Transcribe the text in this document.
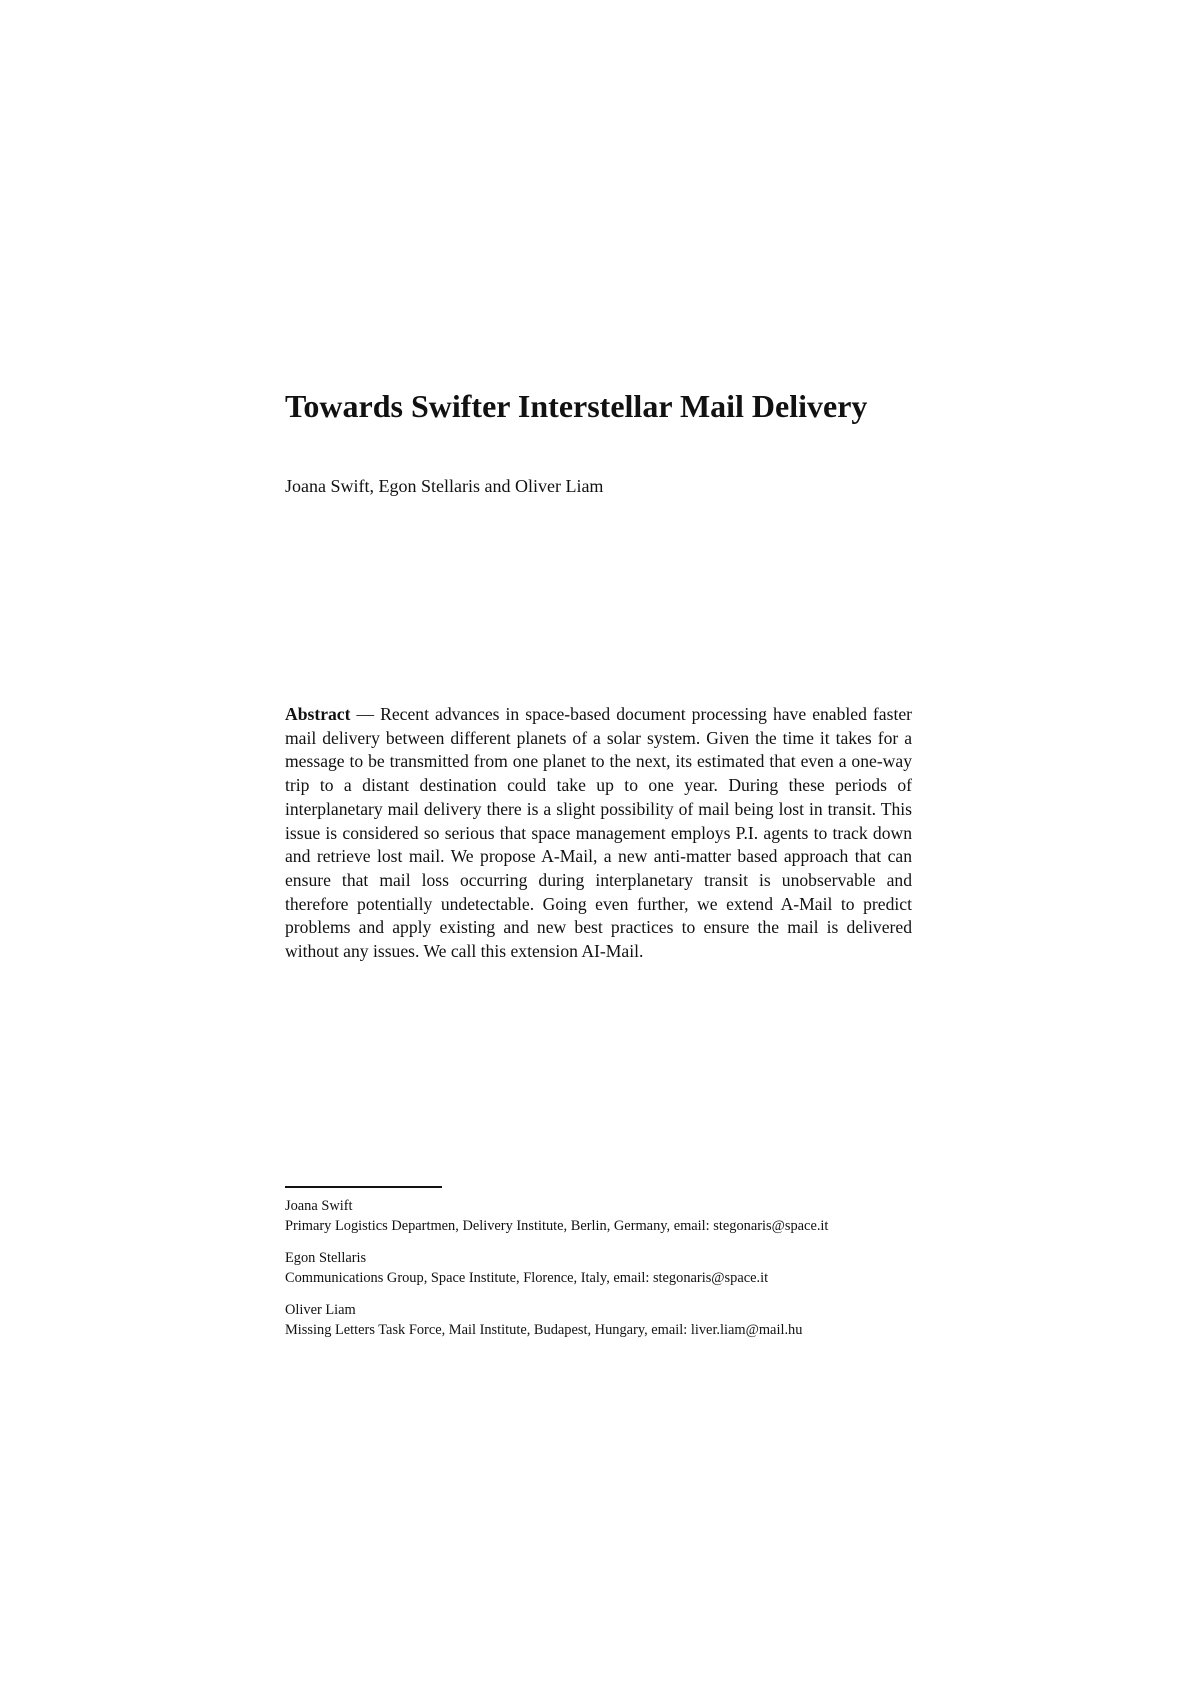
Towards Swifter Interstellar Mail Delivery

Joana Swift, Egon Stellaris and Oliver Liam

Abstract — Recent advances in space-based document processing have enabled faster mail delivery between different planets of a solar system. Given the time it takes for a message to be transmitted from one planet to the next, its estimated that even a one-way trip to a distant destination could take up to one year. During these periods of interplanetary mail delivery there is a slight possibility of mail being lost in transit. This issue is considered so serious that space management employs P.I. agents to track down and retrieve lost mail. We propose A-Mail, a new anti-matter based approach that can ensure that mail loss occurring during interplanetary transit is unobservable and therefore potentially undetectable. Going even further, we extend A-Mail to predict problems and apply existing and new best practices to ensure the mail is delivered without any issues. We call this extension AI-Mail.

Joana Swift
Primary Logistics Departmen, Delivery Institute, Berlin, Germany, email: stegonaris@space.it
Egon Stellaris
Communications Group, Space Institute, Florence, Italy, email: stegonaris@space.it
Oliver Liam
Missing Letters Task Force, Mail Institute, Budapest, Hungary, email: liver.liam@mail.hu
